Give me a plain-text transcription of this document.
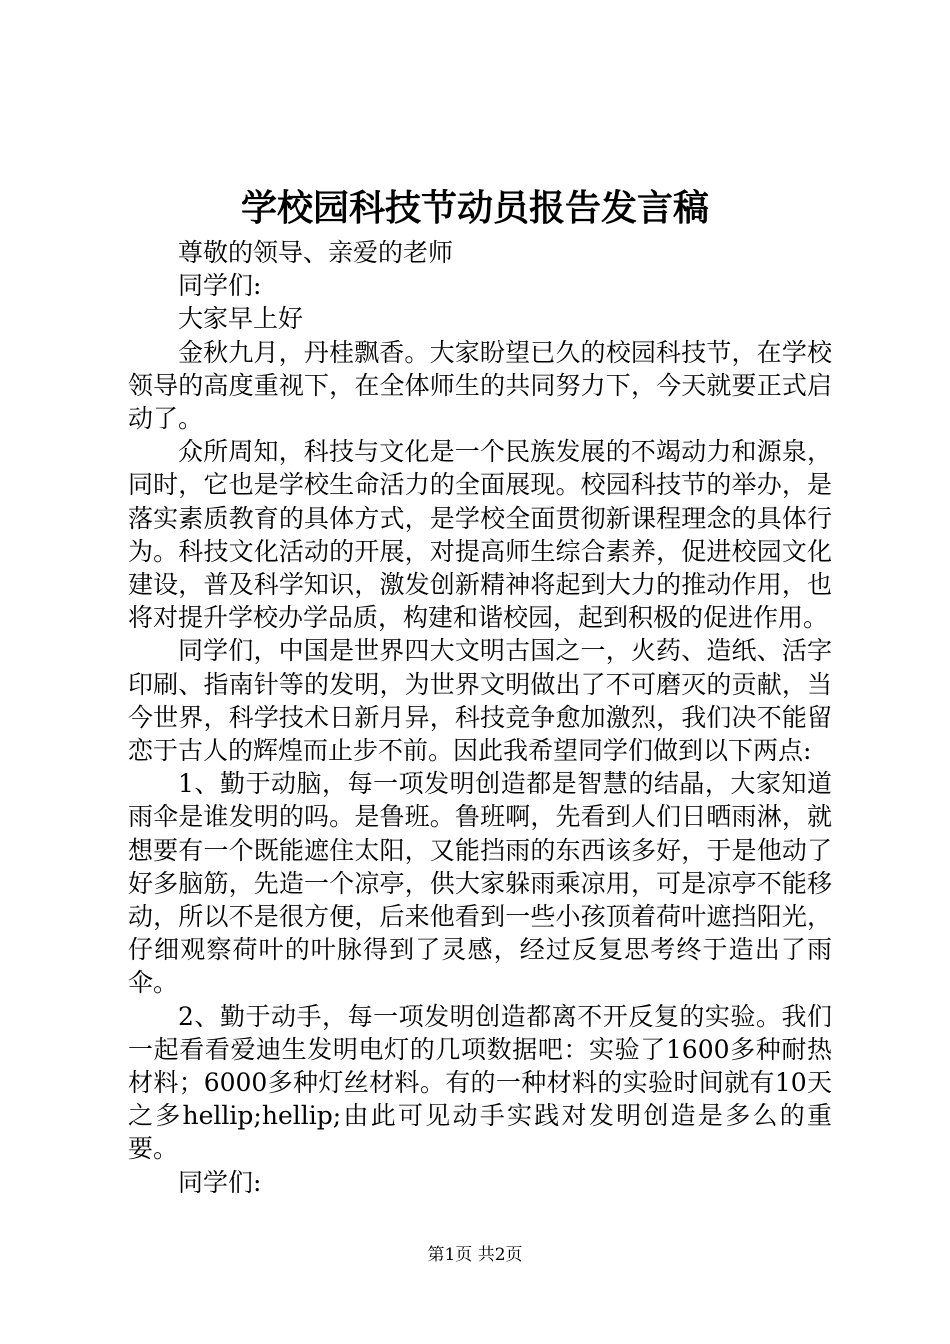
学校园科技节动员报告发言稿

尊敬的领导、亲爱的老师

同学们:

大家早上好

金秋九月，丹桂飘香。大家盼望已久的校园科技节，在学校领导的高度重视下，在全体师生的共同努力下，今天就要正式启动了。

众所周知，科技与文化是一个民族发展的不竭动力和源泉，同时，它也是学校生命活力的全面展现。校园科技节的举办，是落实素质教育的具体方式，是学校全面贯彻新课程理念的具体行为。科技文化活动的开展，对提高师生综合素养，促进校园文化建设，普及科学知识，激发创新精神将起到大力的推动作用，也将对提升学校办学品质，构建和谐校园，起到积极的促进作用。

同学们，中国是世界四大文明古国之一，火药、造纸、活字印刷、指南针等的发明，为世界文明做出了不可磨灭的贡献，当今世界，科学技术日新月异，科技竞争愈加激烈，我们决不能留恋于古人的辉煌而止步不前。因此我希望同学们做到以下两点:

1、勤于动脑，每一项发明创造都是智慧的结晶，大家知道雨伞是谁发明的吗。是鲁班。鲁班啊，先看到人们日晒雨淋，就想要有一个既能遮住太阳，又能挡雨的东西该多好，于是他动了好多脑筋，先造一个凉亭，供大家躲雨乘凉用，可是凉亭不能移动，所以不是很方便，后来他看到一些小孩顶着荷叶遮挡阳光，仔细观察荷叶的叶脉得到了灵感，经过反复思考终于造出了雨伞。

2、勤于动手，每一项发明创造都离不开反复的实验。我们一起看看爱迪生发明电灯的几项数据吧：实验了1600多种耐热材料；6000多种灯丝材料。有的一种材料的实验时间就有10天之多hellip;hellip;由此可见动手实践对发明创造是多么的重要。

同学们:

第1页 共2页
